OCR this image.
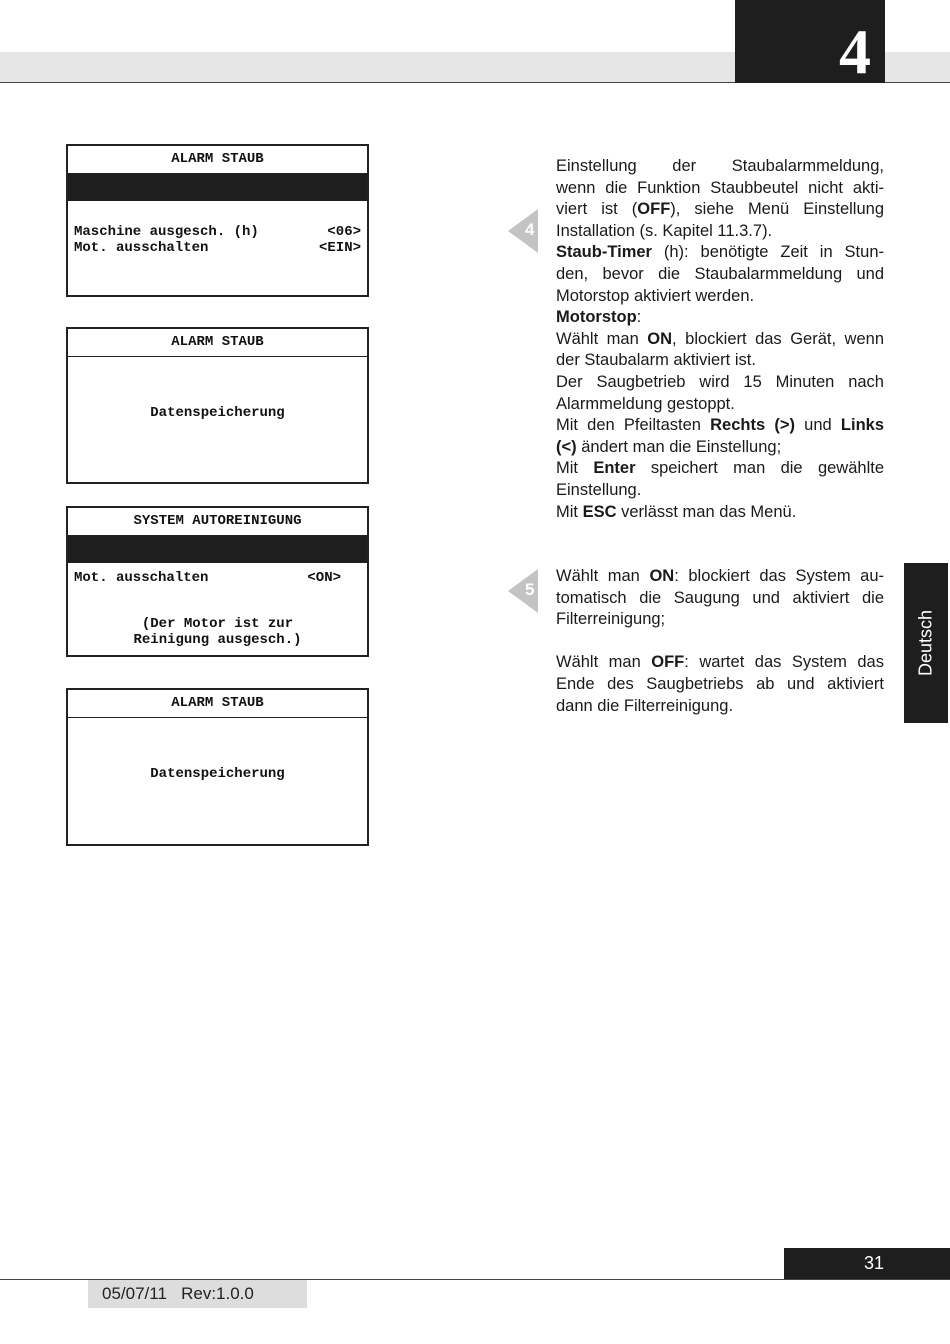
4
ALARM STAUB
Maschine ausgesch. (h)	<06>
Mot. ausschalten	<EIN>
ALARM STAUB
Datenspeicherung
SYSTEM AUTOREINIGUNG
Mot. ausschalten	<ON>
(Der Motor ist zur
Reinigung ausgesch.)
ALARM STAUB
Datenspeicherung
4
5

Einstellung der Staubalarmmeldung,

wenn die Funktion Staubbeutel nicht akti-

viert ist (OFF), siehe Menü Einstellung

Installation (s. Kapitel 11.3.7).

Staub-Timer (h): benötigte Zeit in Stun-

den, bevor die Staubalarmmeldung und

Motorstop aktiviert werden.

Motorstop:

Wählt man ON, blockiert das Gerät, wenn

der Staubalarm aktiviert ist.

Der Saugbetrieb wird 15 Minuten nach

Alarmmeldung gestoppt.

Mit den Pfeiltasten Rechts (>) und Links

(<) ändert man die Einstellung;

Mit Enter speichert man die gewählte

Einstellung.

Mit ESC verlässt man das Menü.

Wählt man ON: blockiert das System au-

tomatisch die Saugung und aktiviert die

Filterreinigung;

Wählt man OFF: wartet das System das

Ende des Saugbetriebs ab und aktiviert

dann die Filterreinigung.

Deutsch
31
05/07/11 Rev:1.0.0
